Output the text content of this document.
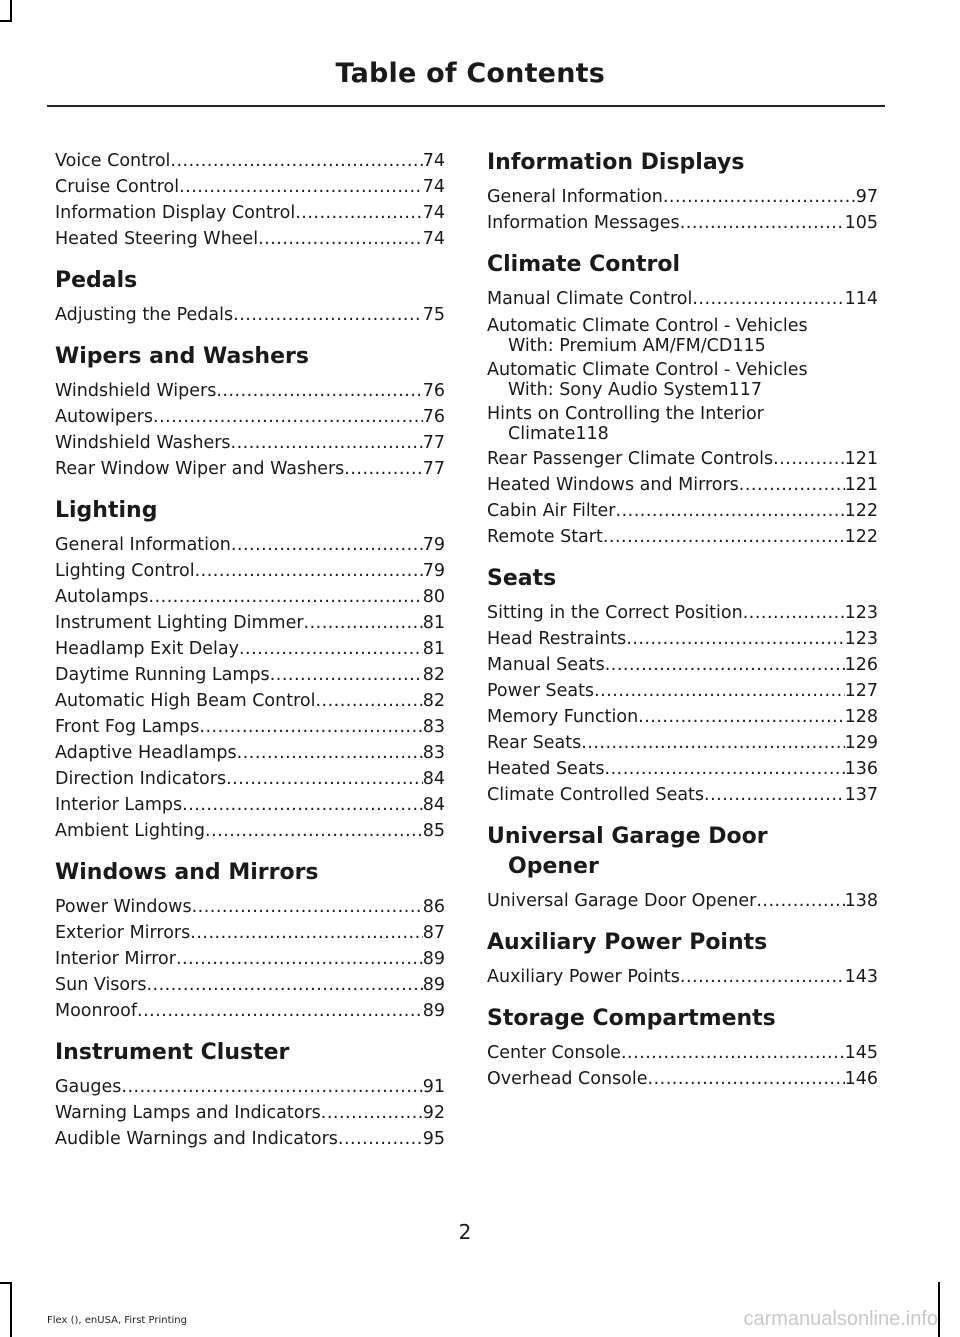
Table of Contents
Voice Control .....	74
Cruise Control .....	74
Information Display Control .....	74
Heated Steering Wheel .....	74
Pedals
Adjusting the Pedals .....	75
Wipers and Washers
Windshield Wipers .....	76
Autowipers .....	76
Windshield Washers .....	77
Rear Window Wiper and Washers .....	77
Lighting
General Information .....	79
Lighting Control .....	79
Autolamps .....	80
Instrument Lighting Dimmer .....	81
Headlamp Exit Delay .....	81
Daytime Running Lamps .....	82
Automatic High Beam Control .....	82
Front Fog Lamps .....	83
Adaptive Headlamps .....	83
Direction Indicators .....	84
Interior Lamps .....	84
Ambient Lighting .....	85
Windows and Mirrors
Power Windows .....	86
Exterior Mirrors .....	87
Interior Mirror .....	89
Sun Visors .....	89
Moonroof .....	89
Instrument Cluster
Gauges .....	91
Warning Lamps and Indicators .....	92
Audible Warnings and Indicators .....	95
Information Displays
General Information .....	97
Information Messages .....	105
Climate Control
Manual Climate Control .....	114
Automatic Climate Control - Vehicles
With: Premium AM/FM/CD 115
Automatic Climate Control - Vehicles
With: Sony Audio System 117
Hints on Controlling the Interior
Climate 118
Rear Passenger Climate Controls .....	121
Heated Windows and Mirrors .....	121
Cabin Air Filter .....	122
Remote Start .....	122
Seats
Sitting in the Correct Position .....	123
Head Restraints .....	123
Manual Seats .....	126
Power Seats .....	127
Memory Function .....	128
Rear Seats .....	129
Heated Seats .....	136
Climate Controlled Seats .....	137
Universal Garage Door
Opener
Universal Garage Door Opener .....	138
Auxiliary Power Points
Auxiliary Power Points .....	143
Storage Compartments
Center Console .....	145
Overhead Console .....	146
2
Flex (), enUSA, First Printing	carmanualsonline.info
